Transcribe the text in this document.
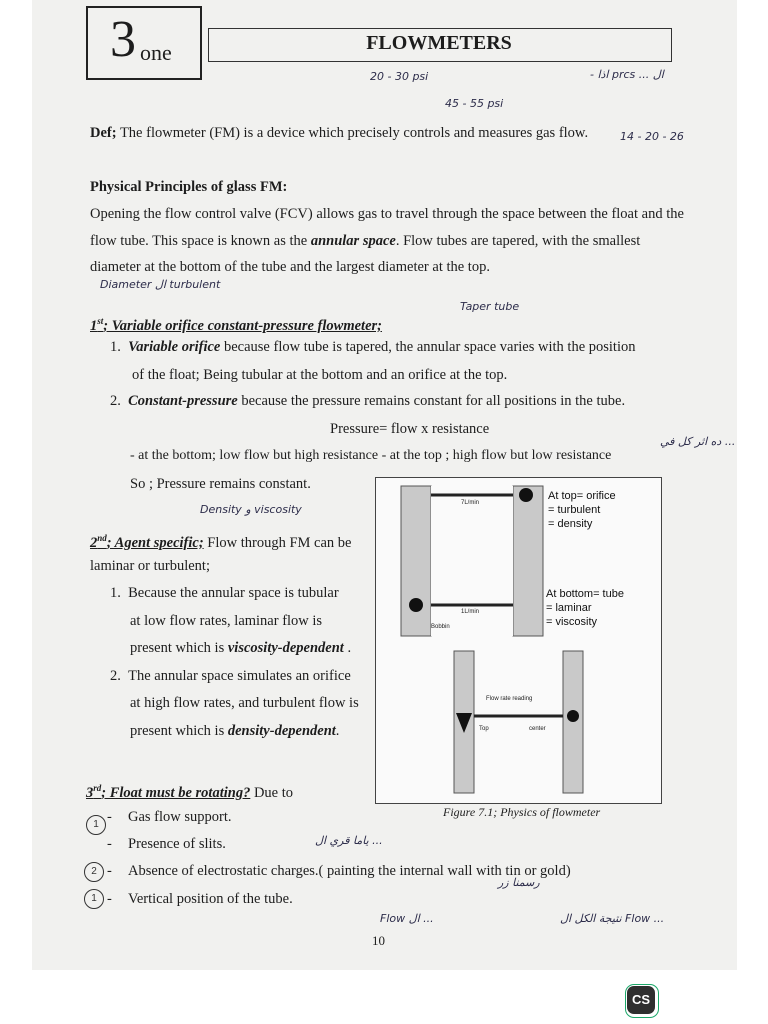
3 one	FLOWMETERS
- اذا prcs ... ال
20 - 30 psi
45 - 55 psi
14 - 20 - 26
Diameter ال turbulent
Taper tube
Density و viscosity
ده اثر كل في ...
ياما قري ال ...
رسمنا زر
نتيجة الكل ال Flow ...
Flow ال ...
Def; The flowmeter (FM) is a device which precisely controls and measures gas flow.
Physical Principles of glass FM:
Opening the flow control valve (FCV) allows gas to travel through the space between the float and the
flow tube. This space is known as the annular space. Flow tubes are tapered, with the smallest
diameter at the bottom of the tube and the largest diameter at the top.
1st; Variable orifice constant-pressure flowmeter;
1. Variable orifice because flow tube is tapered, the annular space varies with the position
of the float; Being tubular at the bottom and an orifice at the top.
2. Constant-pressure because the pressure remains constant for all positions in the tube.
Pressure= flow x resistance
- at the bottom; low flow but high resistance - at the top ; high flow but low resistance
So ; Pressure remains constant.
2nd; Agent specific; Flow through FM can be
laminar or turbulent;
1. Because the annular space is tubular
at low flow rates, laminar flow is
present which is viscosity-dependent .
2. The annular space simulates an orifice
at high flow rates, and turbulent flow is
present which is density-dependent.
7L/min
1L/min
Bobbin
Flow rate reading
Top	center
At top= orifice
= turbulent
= density
At bottom= tube
= laminar
= viscosity
Figure 7.1; Physics of flowmeter
3rd; Float must be rotating? Due to
- Gas flow support.
- Presence of slits.
- Absence of electrostatic charges.( painting the internal wall with tin or gold)
- Vertical position of the tube.
1
2
1
10
CS
